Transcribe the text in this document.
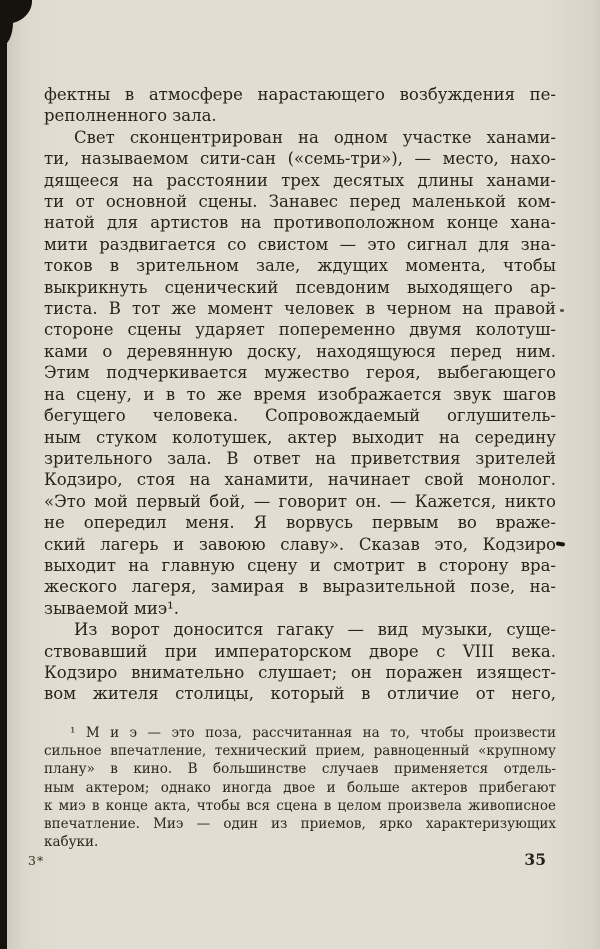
фектны в атмосфере нарастающего возбуждения пе-
реполненного зала.
Свет сконцентрирован на одном участке ханами-
ти, называемом сити-сан («семь-три»), — место, нахо-
дящееся на расстоянии трех десятых длины ханами-
ти от основной сцены. Занавес перед маленькой ком-
натой для артистов на противоположном конце хана-
мити раздвигается со свистом — это сигнал для зна-
токов в зрительном зале, ждущих момента, чтобы
выкрикнуть сценический псевдоним выходящего ар-
тиста. В тот же момент человек в черном на правой
стороне сцены ударяет попеременно двумя колотуш-
ками о деревянную доску, находящуюся перед ним.
Этим подчеркивается мужество героя, выбегающего
на сцену, и в то же время изображается звук шагов
бегущего человека. Сопровождаемый оглушитель-
ным стуком колотушек, актер выходит на середину
зрительного зала. В ответ на приветствия зрителей
Кодзиро, стоя на ханамити, начинает свой монолог.
«Это мой первый бой, — говорит он. — Кажется, никто
не опередил меня. Я ворвусь первым во враже-
ский лагерь и завоюю славу». Сказав это, Кодзиро
выходит на главную сцену и смотрит в сторону вра-
жеского лагеря, замирая в выразительной позе, на-
зываемой миэ¹.
Из ворот доносится гагаку — вид музыки, суще-
ствовавший при императорском дворе с VIII века.
Кодзиро внимательно слушает; он поражен изящест-
вом жителя столицы, который в отличие от него,
¹ М и э — это поза, рассчитанная на то, чтобы произвести
сильное впечатление, технический прием, равноценный «крупному
плану» в кино. В большинстве случаев применяется отдель-
ным актером; однако иногда двое и больше актеров прибегают
к миэ в конце акта, чтобы вся сцена в целом произвела живописное
впечатление. Миэ — один из приемов, ярко характеризующих
кабуки.
3*	35
